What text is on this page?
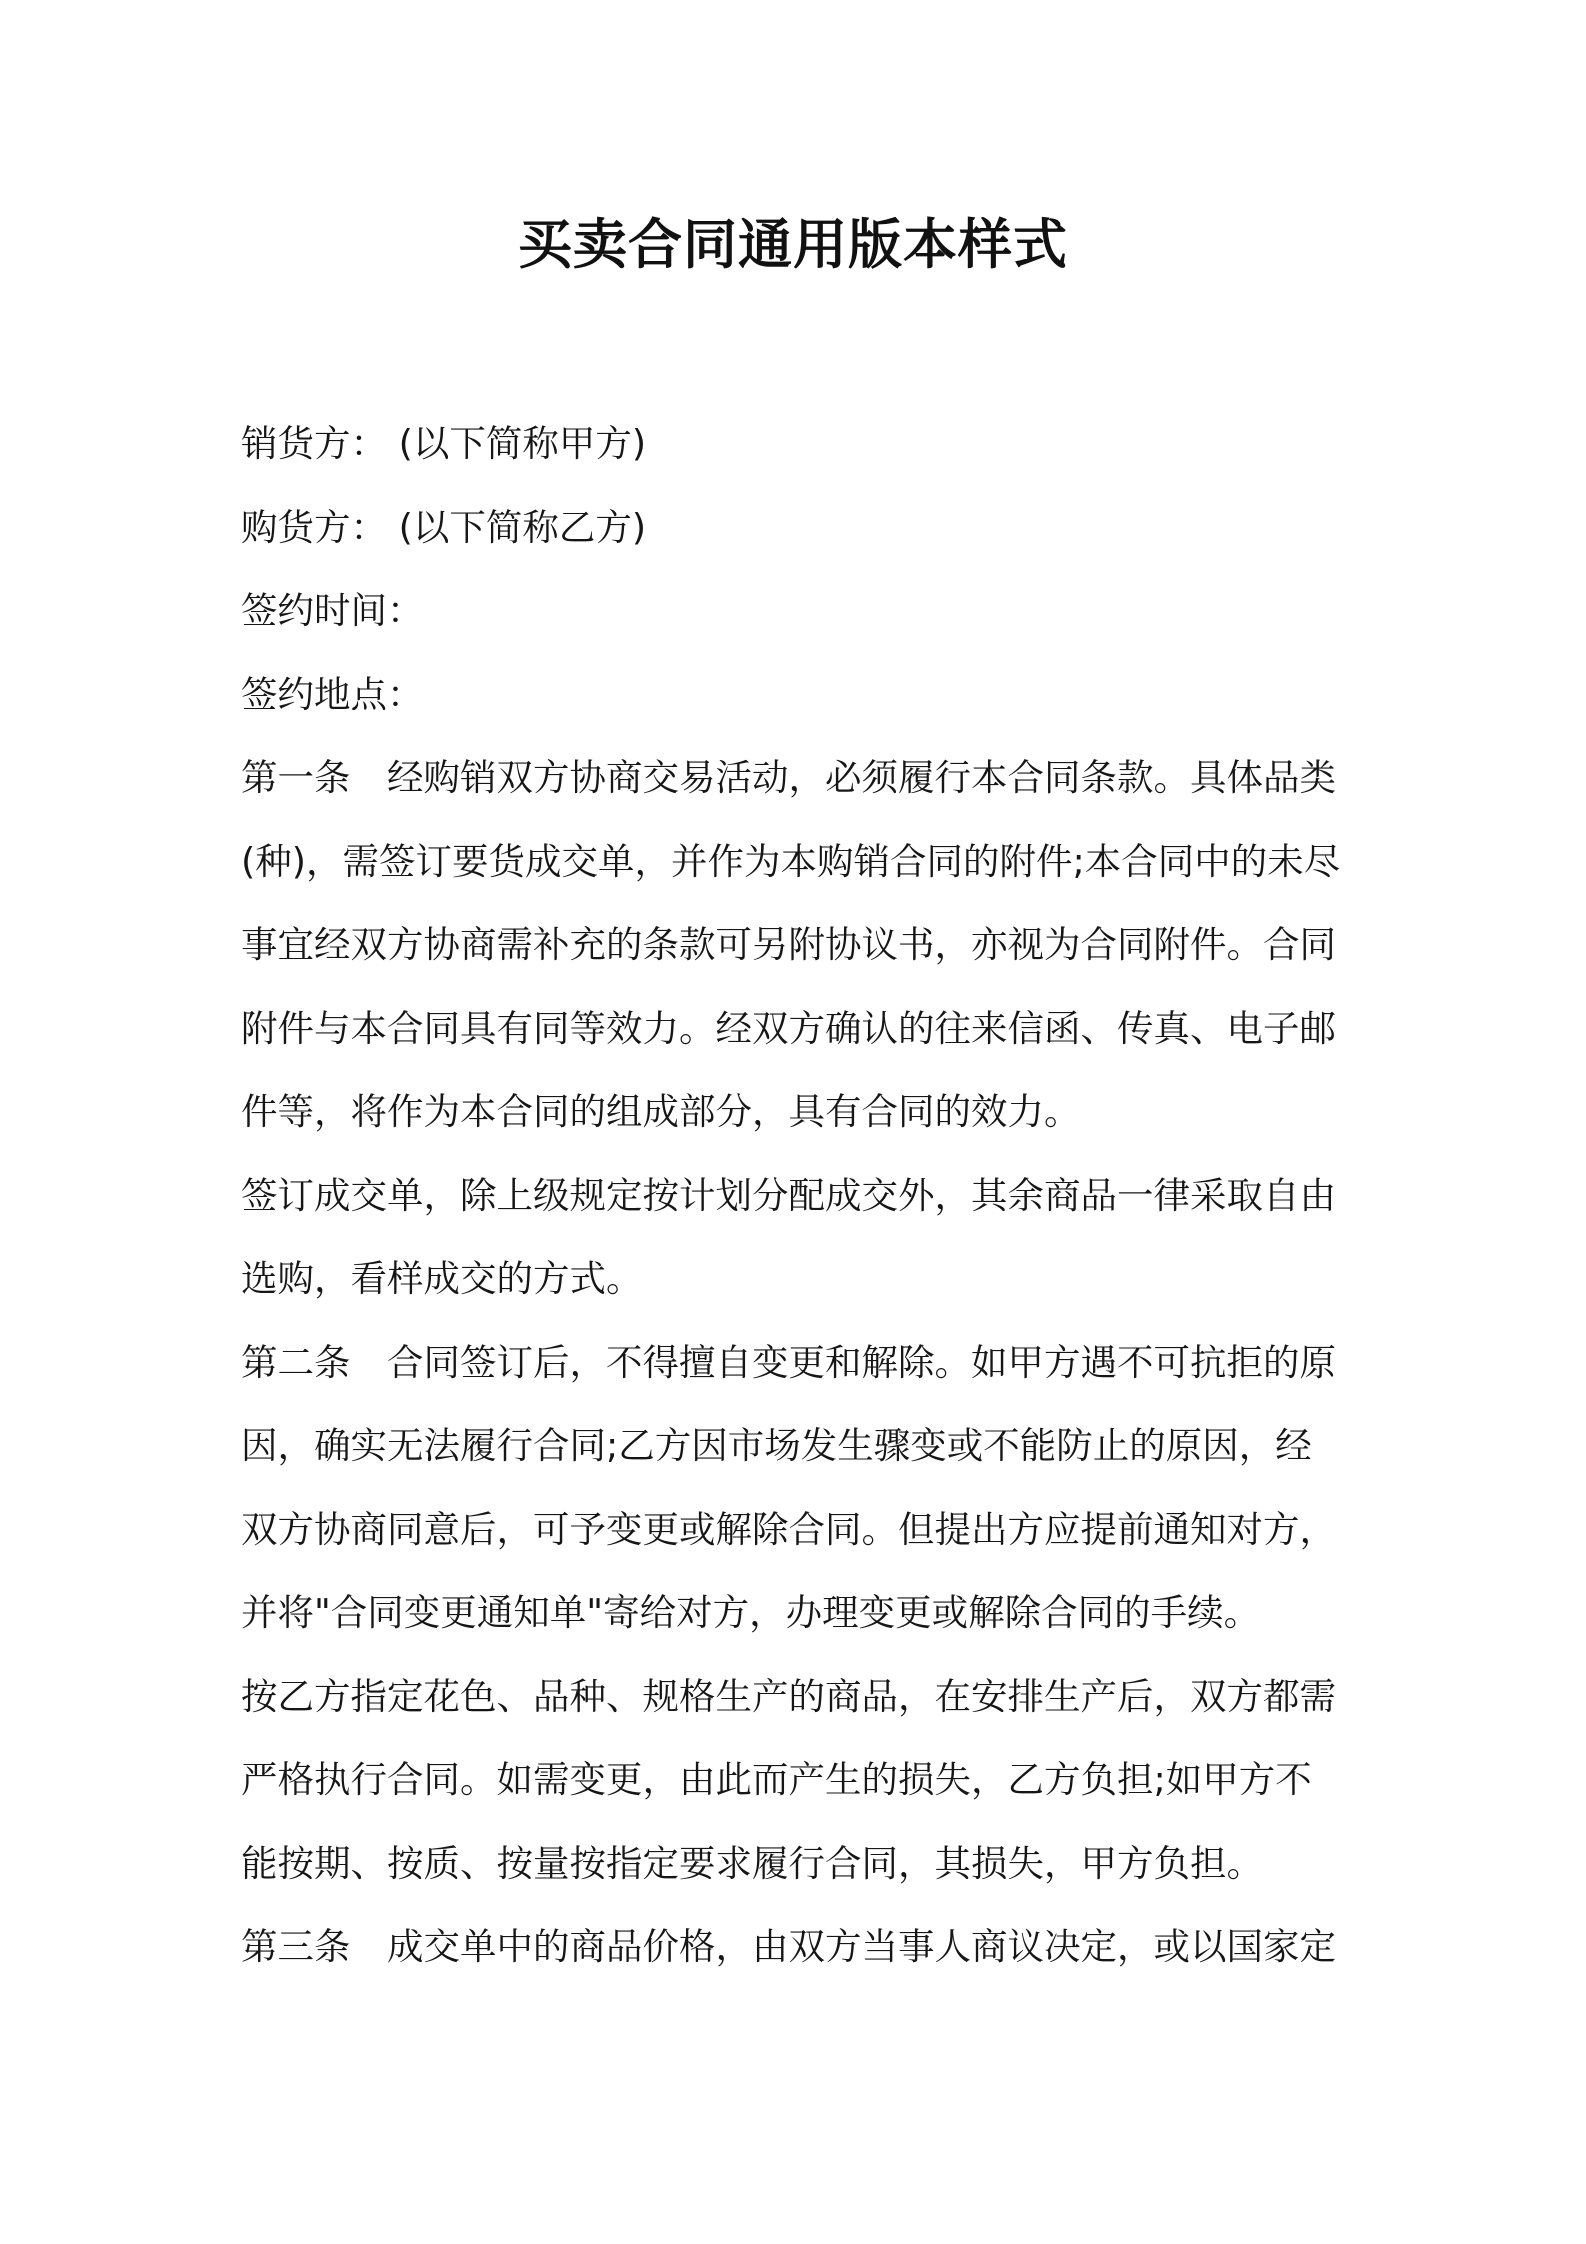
买卖合同通用版本样式
销货方： (以下简称甲方)
购货方： (以下简称乙方)
签约时间：
签约地点：
第一条　经购销双方协商交易活动，必须履行本合同条款。具体品类
(种)，需签订要货成交单，并作为本购销合同的附件;本合同中的未尽
事宜经双方协商需补充的条款可另附协议书，亦视为合同附件。合同
附件与本合同具有同等效力。经双方确认的往来信函、传真、电子邮
件等，将作为本合同的组成部分，具有合同的效力。
签订成交单，除上级规定按计划分配成交外，其余商品一律采取自由
选购，看样成交的方式。
第二条　合同签订后，不得擅自变更和解除。如甲方遇不可抗拒的原
因，确实无法履行合同;乙方因市场发生骤变或不能防止的原因，经
双方协商同意后，可予变更或解除合同。但提出方应提前通知对方，
并将"合同变更通知单"寄给对方，办理变更或解除合同的手续。
按乙方指定花色、品种、规格生产的商品，在安排生产后，双方都需
严格执行合同。如需变更，由此而产生的损失，乙方负担;如甲方不
能按期、按质、按量按指定要求履行合同，其损失，甲方负担。
第三条　成交单中的商品价格，由双方当事人商议决定，或以国家定
